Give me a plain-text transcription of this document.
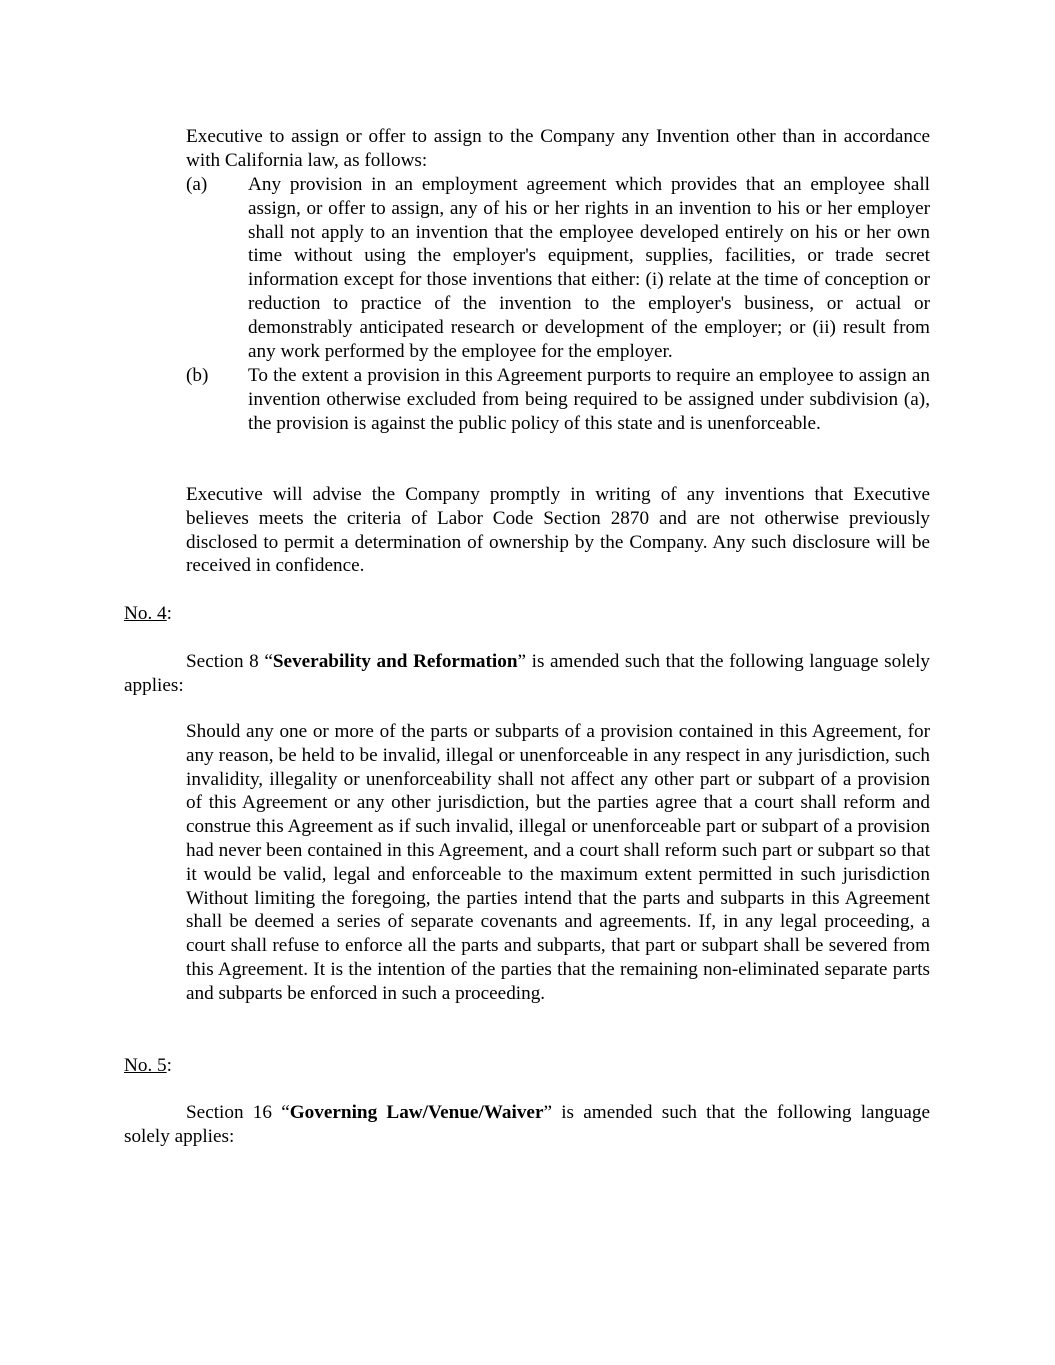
Executive to assign or offer to assign to the Company any Invention other than in accordance with California law, as follows:

(a)	Any provision in an employment agreement which provides that an employee shall assign, or offer to assign, any of his or her rights in an invention to his or her employer shall not apply to an invention that the employee developed entirely on his or her own time without using the employer's equipment, supplies, facilities, or trade secret information except for those inventions that either: (i) relate at the time of conception or reduction to practice of the invention to the employer's business, or actual or demonstrably anticipated research or development of the employer; or (ii) result from any work performed by the employee for the employer.

(b)	To the extent a provision in this Agreement purports to require an employee to assign an invention otherwise excluded from being required to be assigned under subdivision (a), the provision is against the public policy of this state and is unenforceable.

Executive will advise the Company promptly in writing of any inventions that Executive believes meets the criteria of Labor Code Section 2870 and are not otherwise previously disclosed to permit a determination of ownership by the Company. Any such disclosure will be received in confidence.

No. 4:

Section 8 “Severability and Reformation” is amended such that the following language solely applies:

Should any one or more of the parts or subparts of a provision contained in this Agreement, for any reason, be held to be invalid, illegal or unenforceable in any respect in any jurisdiction, such invalidity, illegality or unenforceability shall not affect any other part or subpart of a provision of this Agreement or any other jurisdiction, but the parties agree that a court shall reform and construe this Agreement as if such invalid, illegal or unenforceable part or subpart of a provision had never been contained in this Agreement, and a court shall reform such part or subpart so that it would be valid, legal and enforceable to the maximum extent permitted in such jurisdiction Without limiting the foregoing, the parties intend that the parts and subparts in this Agreement shall be deemed a series of separate covenants and agreements. If, in any legal proceeding, a court shall refuse to enforce all the parts and subparts, that part or subpart shall be severed from this Agreement. It is the intention of the parties that the remaining non-eliminated separate parts and subparts be enforced in such a proceeding.

No. 5:

Section 16 “Governing Law/Venue/Waiver” is amended such that the following language solely applies:
